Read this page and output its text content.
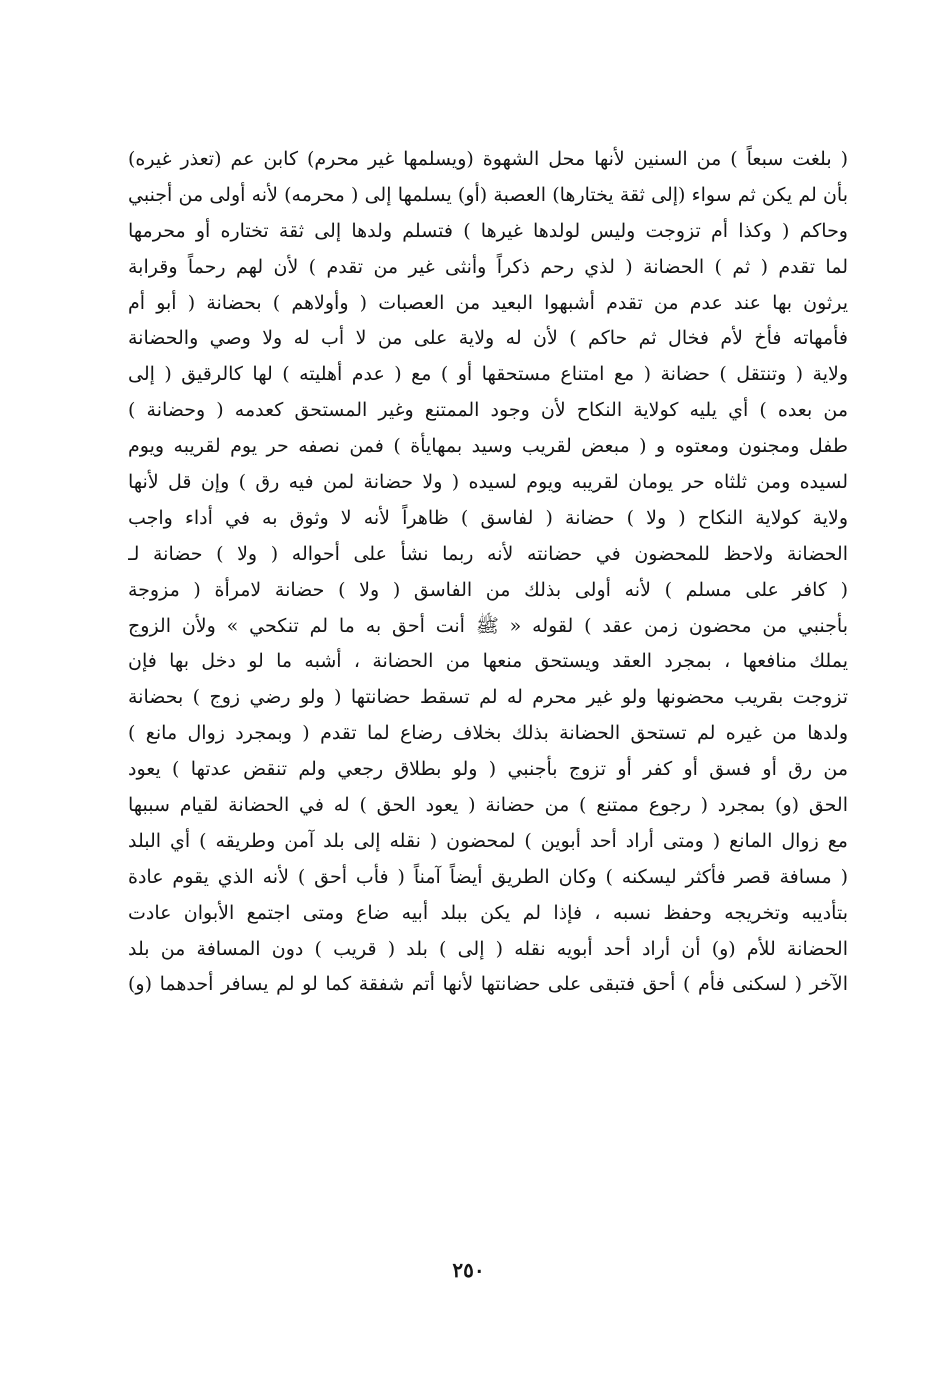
( بلغت سبعاً ) من السنين لأنها محل الشهوة (ويسلمها غير محرم) كابن عم (تعذر غيره)
بأن لم يكن ثم سواء (إلى ثقة يختارها) العصبة (أو) يسلمها إلى ( محرمه) لأنه أولى من أجنبي
وحاكم ( وكذا أم تزوجت وليس لولدها غيرها ) فتسلم ولدها إلى ثقة تختاره أو محرمها
لما تقدم ( ثم ) الحضانة ( لذي رحم ذكراً وأنثى غير من تقدم ) لأن لهم رحماً وقرابة
يرثون بها عند عدم من تقدم أشبهوا البعيد من العصبات ( وأولاهم ) بحضانة ( أبو أم
فأمهاته فأخ لأم فخال ثم حاكم ) لأن له ولاية على من لا أب له ولا وصي والحضانة
ولاية ( وتنتقل ) حضانة ( مع امتناع مستحقها أو ) مع ( عدم أهليته ) لها كالرقيق ( إلى
من بعده ) أي يليه كولاية النكاح لأن وجود الممتنع وغير المستحق كعدمه ( وحضانة )
طفل ومجنون ومعتوه و ( مبعض لقريب وسيد بمهايأة ) فمن نصفه حر يوم لقريبه ويوم
لسيده ومن ثلثاه حر يومان لقريبه ويوم لسيده ( ولا حضانة لمن فيه رق ) وإن قل لأنها
ولاية كولاية النكاح ( ولا ) حضانة ( لفاسق ) ظاهراً لأنه لا وثوق به في أداء واجب
الحضانة ولاحظ للمحضون في حضانته لأنه ربما نشأ على أحواله ( ولا ) حضانة لـ
( كافر على مسلم ) لأنه أولى بذلك من الفاسق ( ولا ) حضانة لامرأة ( مزوجة
بأجنبي من محضون زمن عقد ) لقوله « ﷺ أنت أحق به ما لم تنكحي » ولأن الزوج
يملك منافعها ، بمجرد العقد ويستحق منعها من الحضانة ، أشبه ما لو دخل بها فإن
تزوجت بقريب محضونها ولو غير محرم له لم تسقط حضانتها ( ولو رضي زوج ) بحضانة
ولدها من غيره لم تستحق الحضانة بذلك بخلاف رضاع لما تقدم ( وبمجرد زوال مانع )
من رق أو فسق أو كفر أو تزوج بأجنبي ( ولو بطلاق رجعي ولم تنقض عدتها ) يعود
الحق (و) بمجرد ( رجوع ممتنع ) من حضانة ( يعود الحق ) له في الحضانة لقيام سببها
مع زوال المانع ( ومتى أراد أحد أبوين ) لمحضون ( نقله إلى بلد آمن وطريقه ) أي البلد
( مسافة قصر فأكثر ليسكنه ) وكان الطريق أيضاً آمناً ( فأب أحق ) لأنه الذي يقوم عادة
بتأديبه وتخريجه وحفظ نسبه ، فإذا لم يكن ببلد أبيه ضاع ومتى اجتمع الأبوان عادت
الحضانة للأم (و) أن أراد أحد أبويه نقله ( إلى ) بلد ( قريب ) دون المسافة من بلد
الآخر ( لسكنى فأم ) أحق فتبقى على حضانتها لأنها أتم شفقة كما لو لم يسافر أحدهما (و)
٢٥٠
